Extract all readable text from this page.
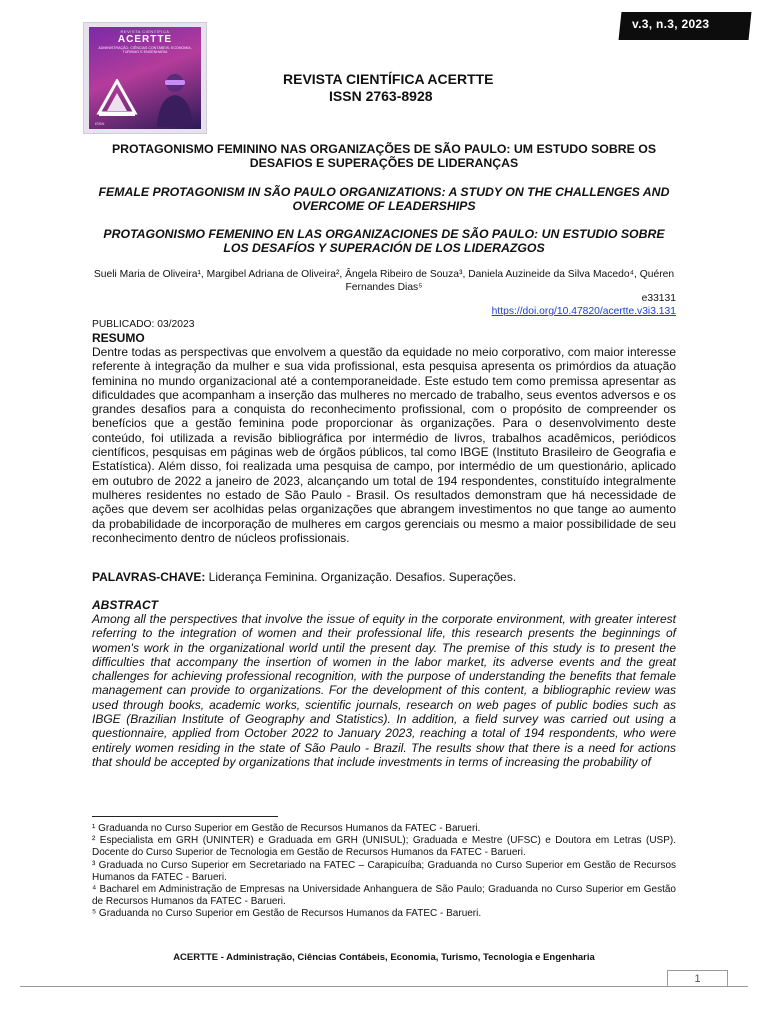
REVISTA CIENTÍFICA
ACERTTE
ADMINISTRAÇÃO, CIÊNCIAS CONTÁBEIS, ECONOMIA, TURISMO E ENGENHARIA
ISSN
v.3, n.3, 2023
REVISTA CIENTÍFICA ACERTTE
ISSN 2763-8928
PROTAGONISMO FEMININO NAS ORGANIZAÇÕES DE SÃO PAULO: UM ESTUDO SOBRE OS DESAFIOS E SUPERAÇÕES DE LIDERANÇAS
FEMALE PROTAGONISM IN SÃO PAULO ORGANIZATIONS: A STUDY ON THE CHALLENGES AND OVERCOME OF LEADERSHIPS
PROTAGONISMO FEMENINO EN LAS ORGANIZACIONES DE SÃO PAULO: UN ESTUDIO SOBRE LOS DESAFÍOS Y SUPERACIÓN DE LOS LIDERAZGOS
Sueli Maria de Oliveira¹, Margibel Adriana de Oliveira², Ângela Ribeiro de Souza³, Daniela Auzineide da Silva Macedo⁴, Quéren Fernandes Dias⁵
e33131
https://doi.org/10.47820/acertte.v3i3.131
PUBLICADO: 03/2023
RESUMO
Dentre todas as perspectivas que envolvem a questão da equidade no meio corporativo, com maior interesse referente à integração da mulher e sua vida profissional, esta pesquisa apresenta os primórdios da atuação feminina no mundo organizacional até a contemporaneidade. Este estudo tem como premissa apresentar as dificuldades que acompanham a inserção das mulheres no mercado de trabalho, seus eventos adversos e os grandes desafios para a conquista do reconhecimento profissional, com o propósito de compreender os benefícios que a gestão feminina pode proporcionar às organizações. Para o desenvolvimento deste conteúdo, foi utilizada a revisão bibliográfica por intermédio de livros, trabalhos acadêmicos, periódicos científicos, pesquisas em páginas web de órgãos públicos, tal como IBGE (Instituto Brasileiro de Geografia e Estatística). Além disso, foi realizada uma pesquisa de campo, por intermédio de um questionário, aplicado em outubro de 2022 a janeiro de 2023, alcançando um total de 194 respondentes, constituído integralmente mulheres residentes no estado de São Paulo - Brasil. Os resultados demonstram que há necessidade de ações que devem ser acolhidas pelas organizações que abrangem investimentos no que tange ao aumento da probabilidade de incorporação de mulheres em cargos gerenciais ou mesmo a maior possibilidade de seu reconhecimento dentro de núcleos profissionais.
PALAVRAS-CHAVE: Liderança Feminina. Organização. Desafios. Superações.
ABSTRACT
Among all the perspectives that involve the issue of equity in the corporate environment, with greater interest referring to the integration of women and their professional life, this research presents the beginnings of women's work in the organizational world until the present day. The premise of this study is to present the difficulties that accompany the insertion of women in the labor market, its adverse events and the great challenges for achieving professional recognition, with the purpose of understanding the benefits that female management can provide to organizations. For the development of this content, a bibliographic review was used through books, academic works, scientific journals, research on web pages of public bodies such as IBGE (Brazilian Institute of Geography and Statistics). In addition, a field survey was carried out using a questionnaire, applied from October 2022 to January 2023, reaching a total of 194 respondents, who were entirely women residing in the state of São Paulo - Brazil. The results show that there is a need for actions that should be accepted by organizations that include investments in terms of increasing the probability of

¹ Graduanda no Curso Superior em Gestão de Recursos Humanos da FATEC - Barueri.

² Especialista em GRH (UNINTER) e Graduada em GRH (UNISUL); Graduada e Mestre (UFSC) e Doutora em Letras (USP). Docente do Curso Superior de Tecnologia em Gestão de Recursos Humanos da FATEC - Barueri.

³ Graduada no Curso Superior em Secretariado na FATEC – Carapicuíba; Graduanda no Curso Superior em Gestão de Recursos Humanos da FATEC - Barueri.

⁴ Bacharel em Administração de Empresas na Universidade Anhanguera de São Paulo; Graduanda no Curso Superior em Gestão de Recursos Humanos da FATEC - Barueri.

⁵ Graduanda no Curso Superior em Gestão de Recursos Humanos da FATEC - Barueri.

ACERTTE - Administração, Ciências Contábeis, Economia, Turismo, Tecnologia e Engenharia
1
